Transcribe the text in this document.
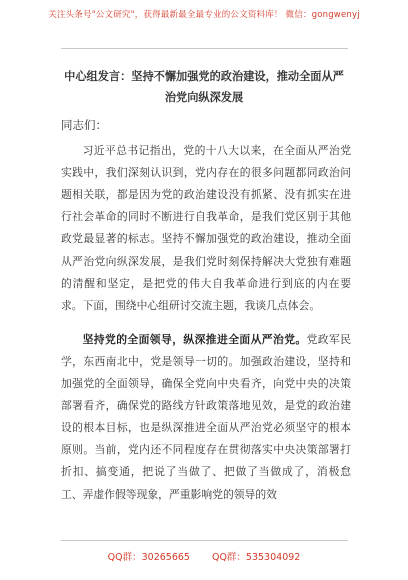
关注头条号"公文研究"，获得最新最全最专业的公文资料库！ 微信：gongwenyj
中心组发言：坚持不懈加强党的政治建设，推动全面从严
治党向纵深发展

同志们：

习近平总书记指出，党的十八大以来，在全面从严治党实践中，我们深刻认识到，党内存在的很多问题都同政治问题相关联，都是因为党的政治建设没有抓紧、没有抓实在进行社会革命的同时不断进行自我革命，是我们党区别于其他政党最显著的标志。坚持不懈加强党的政治建设，推动全面从严治党向纵深发展，是我们党时刻保持解决大党独有难题的清醒和坚定，是把党的伟大自我革命进行到底的内在要求。下面，围绕中心组研讨交流主题，我谈几点体会。

坚持党的全面领导，纵深推进全面从严治党。党政军民学，东西南北中，党是领导一切的。加强政治建设，坚持和加强党的全面领导，确保全党向中央看齐，向党中央的决策部署看齐，确保党的路线方针政策落地见效，是党的政治建设的根本目标，也是纵深推进全面从严治党必须坚守的根本原则。当前，党内还不同程度存在贯彻落实中央决策部署打折扣、搞变通，把说了当做了、把做了当做成了，消极怠工、弄虚作假等现象，严重影响党的领导的效

QQ群：30265665 QQ群：535304092
